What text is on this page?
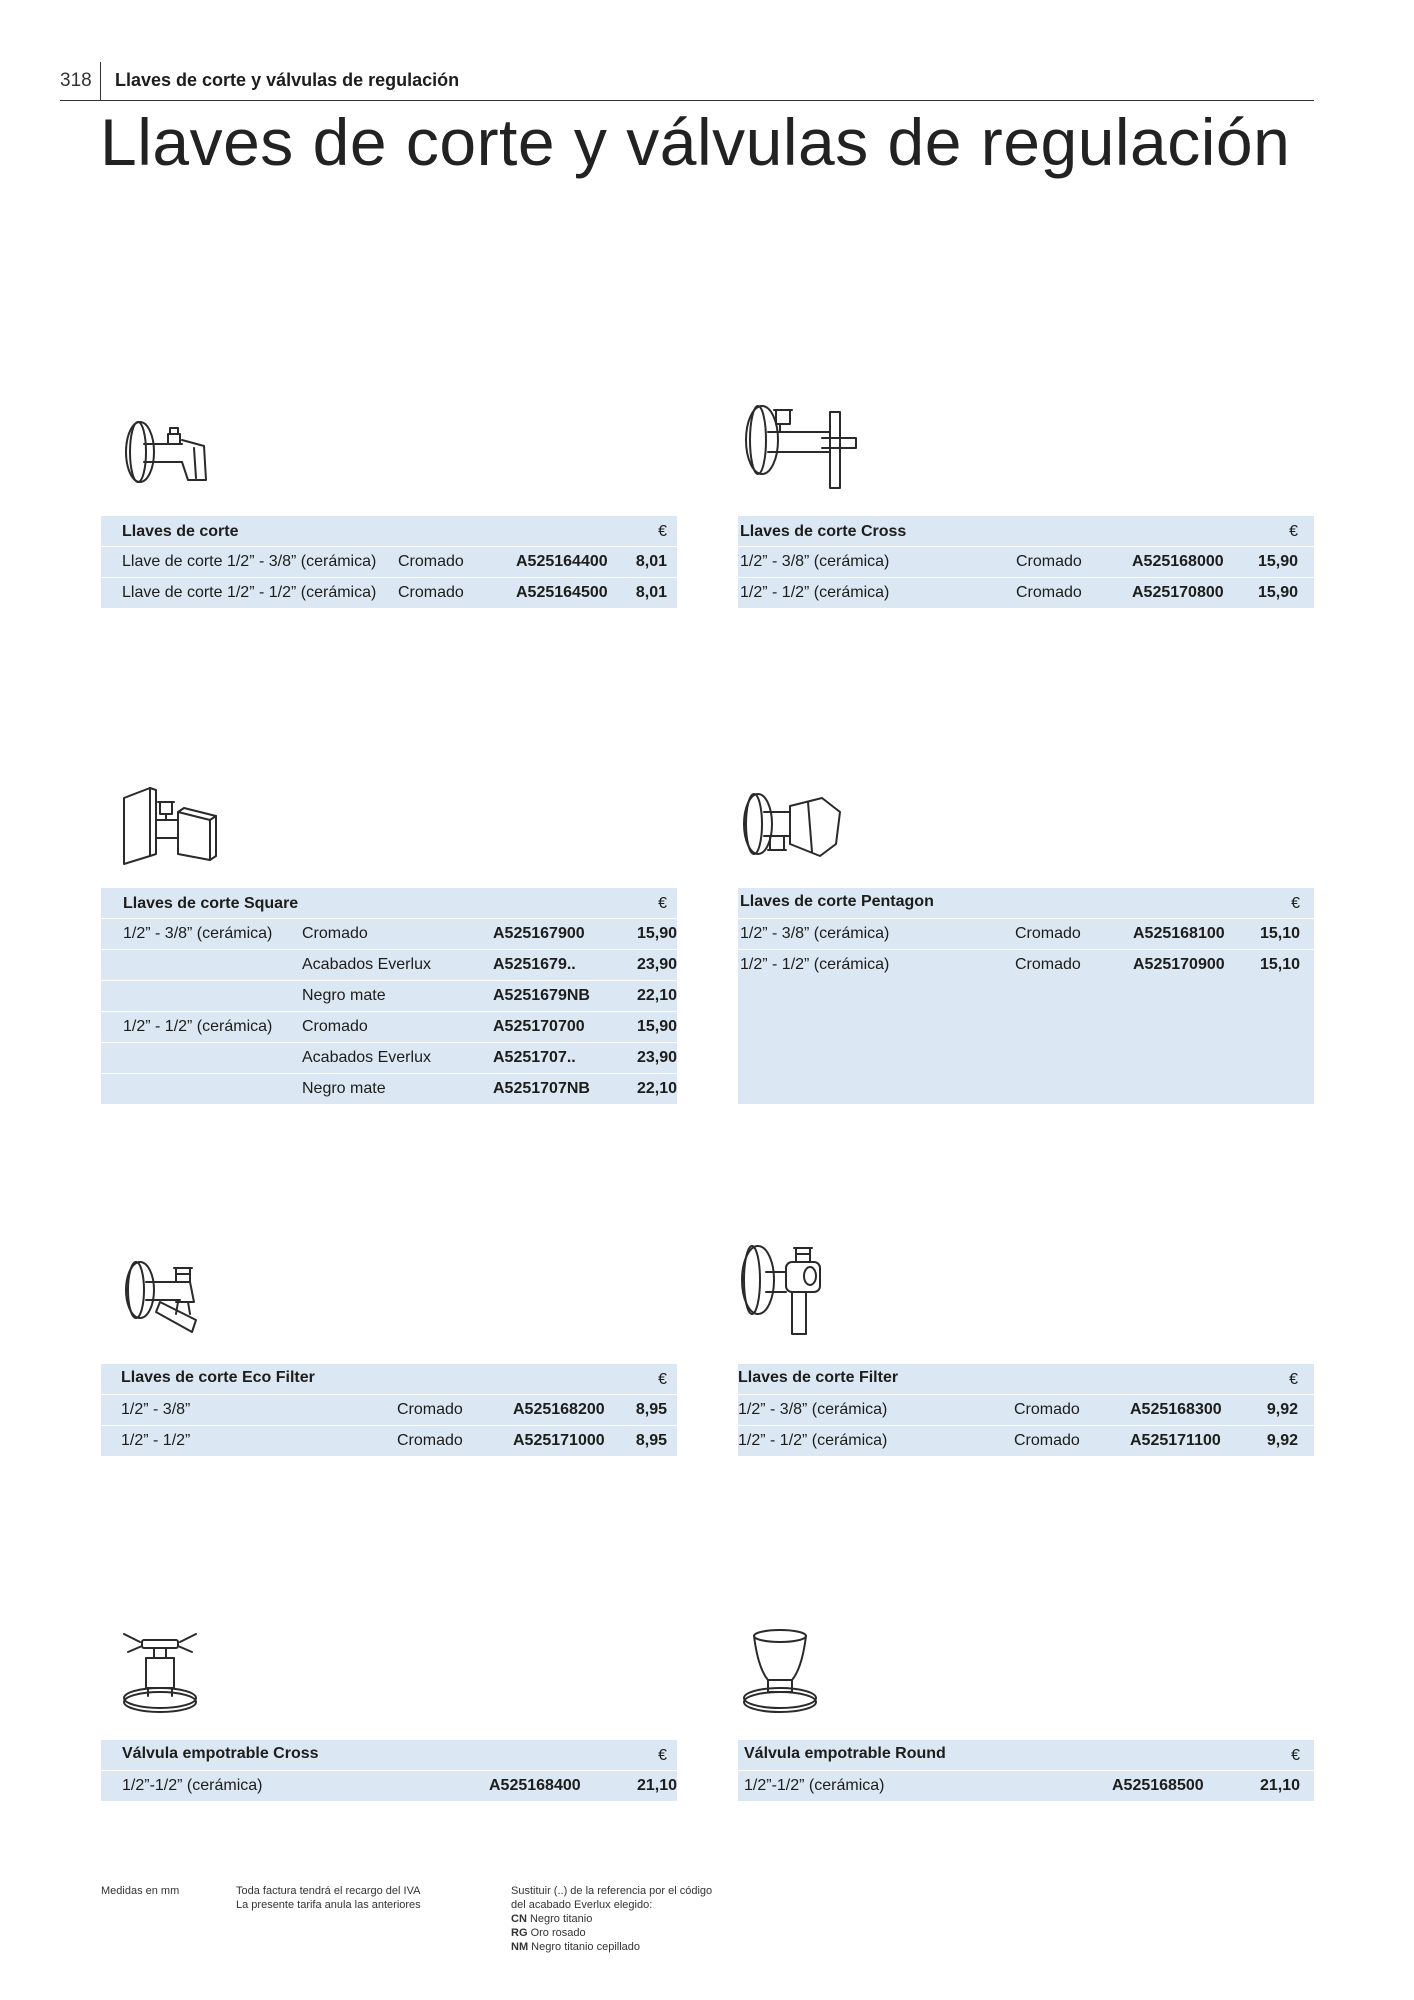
318 Llaves de corte y válvulas de regulación
Llaves de corte y válvulas de regulación
Llaves de corte	€
Llave de corte 1/2” - 3/8” (cerámica) Cromado	A525164400 8,01
Llave de corte 1/2” - 1/2” (cerámica) Cromado	A525164500 8,01
Llaves de corte Cross	€
1/2” - 3/8” (cerámica)	Cromado	A525168000 15,90
1/2” - 1/2” (cerámica)	Cromado	A525170800 15,90
Llaves de corte Square	€
1/2” - 3/8” (cerámica) Cromado	A525167900	15,90
Acabados Everlux	A5251679..	23,90
Negro mate	A5251679NB	22,10
1/2” - 1/2” (cerámica) Cromado	A525170700	15,90
Acabados Everlux	A5251707..	23,90
Negro mate	A5251707NB	22,10
Llaves de corte Pentagon	€
1/2” - 3/8” (cerámica)	Cromado	A525168100 15,10
1/2” - 1/2” (cerámica)	Cromado	A525170900 15,10
Llaves de corte Eco Filter	€
1/2” - 3/8”	Cromado	A525168200 8,95
1/2” - 1/2”	Cromado	A525171000 8,95
Llaves de corte Filter	€
1/2” - 3/8” (cerámica)	Cromado	A525168300	9,92
1/2” - 1/2” (cerámica)	Cromado	A525171100	9,92
Válvula empotrable Cross	€
1/2”-1/2” (cerámica)	A525168400	21,10
Válvula empotrable Round	€
1/2”-1/2” (cerámica)	A525168500	21,10
Medidas en mm	Toda factura tendrá el recargo del IVA
La presente tarifa anula las anteriores
Sustituir (..) de la referencia por el código
del acabado Everlux elegido:
CN Negro titanio
RG Oro rosado
NM Negro titanio cepillado
